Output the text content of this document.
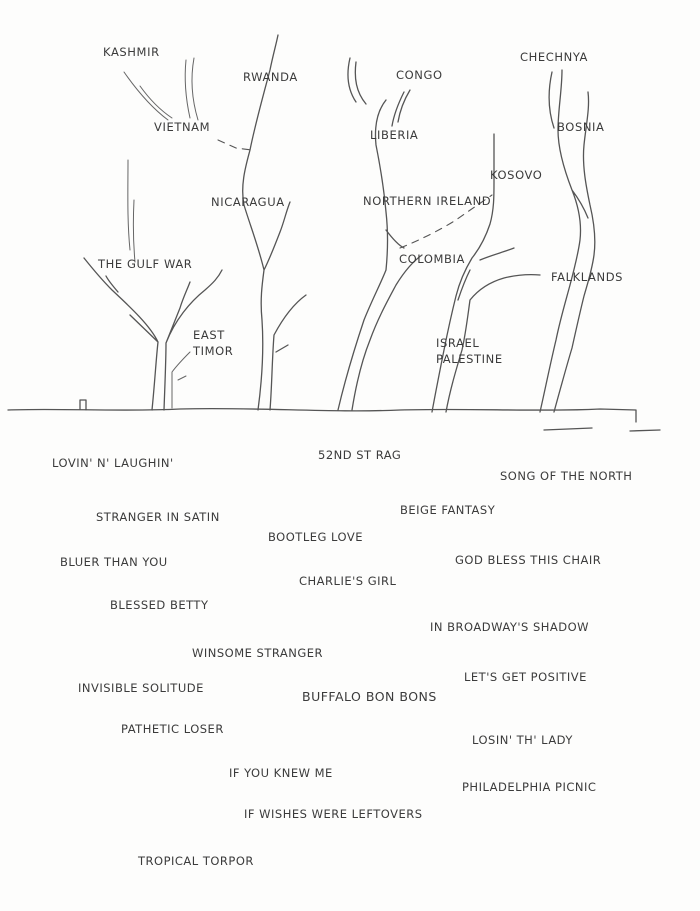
KASHMIR
RWANDA	CONGO
CHECHNYA
VIETNAM
LIBERIA
BOSNIA
KOSOVO
NICARAGUA	NORTHERN IRELAND
COLOMBIA
THE GULF WAR
FALKLANDS
EAST TIMOR
ISRAEL PALESTINE
LOVIN' N' LAUGHIN'
52ND ST RAG
SONG OF THE NORTH
STRANGER IN SATIN	BEIGE FANTASY
BOOTLEG LOVE
BLUER THAN YOU	GOD BLESS THIS CHAIR
CHARLIE'S GIRL
BLESSED BETTY
IN BROADWAY'S SHADOW
WINSOME STRANGER
LET'S GET POSITIVE
INVISIBLE SOLITUDE
BUFFALO BON BONS
PATHETIC LOSER
LOSIN' TH' LADY
IF YOU KNEW ME
PHILADELPHIA PICNIC
IF WISHES WERE LEFTOVERS
TROPICAL TORPOR
